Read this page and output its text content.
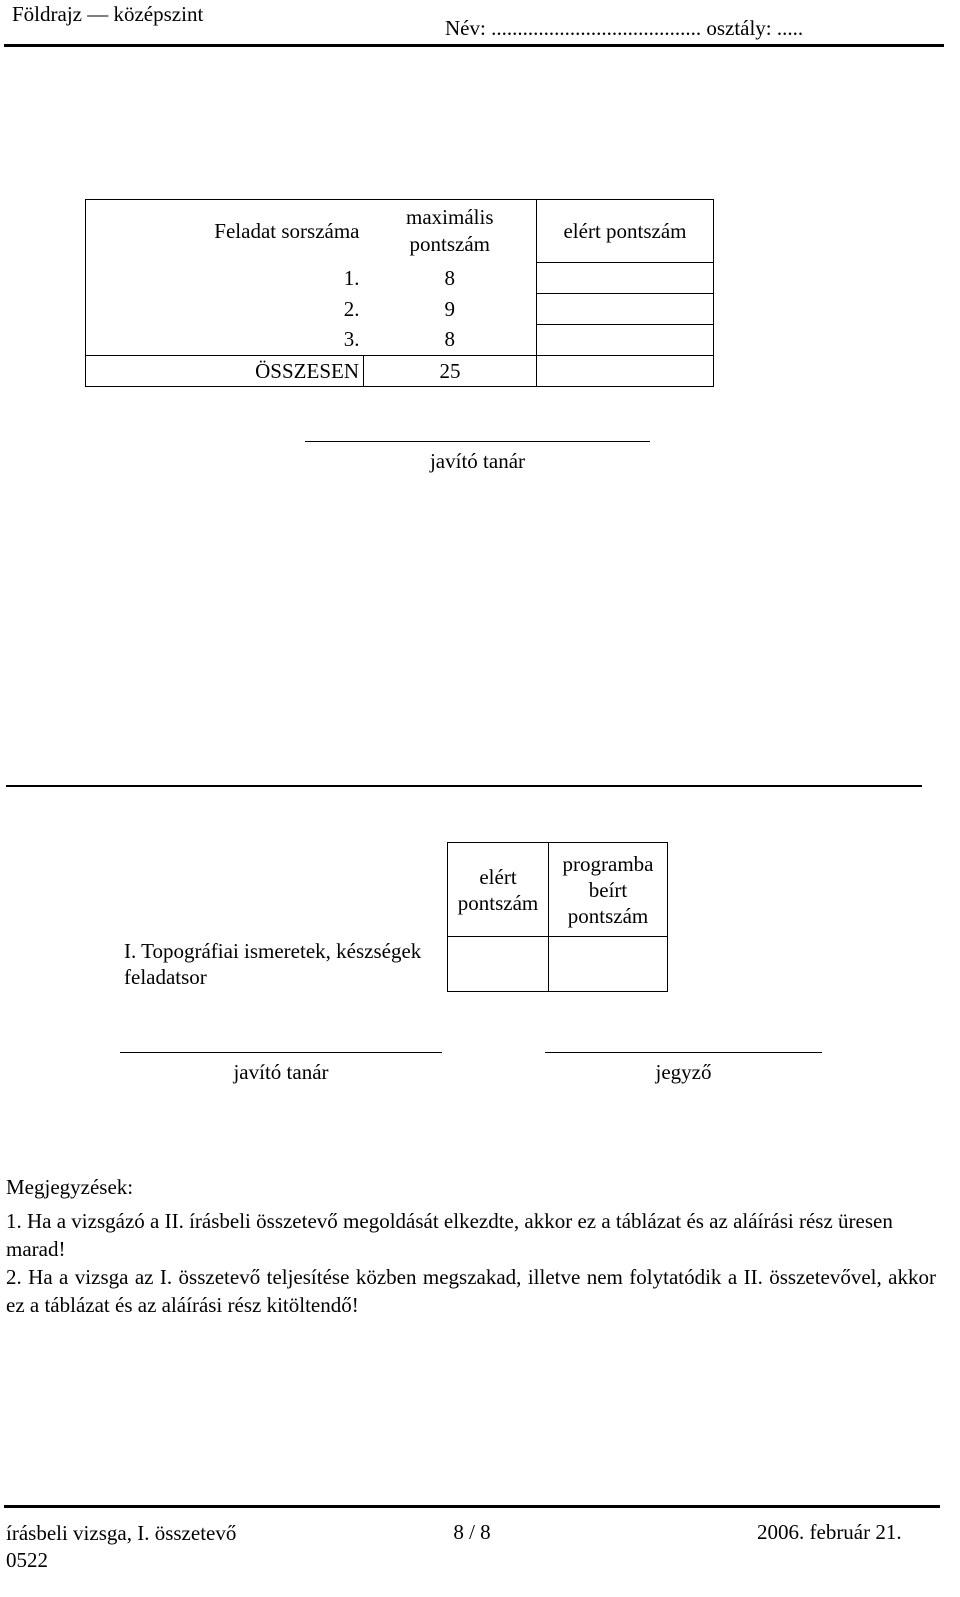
Földrajz — középszint
Név: ........................................ osztály: .....
Feladat sorszáma	maximális pontszám	elért pontszám
1.	8	
2.	9	
3.	8	
ÖSSZESEN	25	
javító tanár
I. Topográfiai ismeretek, készségek feladatsor	elért pontszám	programba beírt pontszám

javító tanár	jegyző
Megjegyzések:
1. Ha a vizsgázó a II. írásbeli összetevő megoldását elkezdte, akkor ez a táblázat és az aláírási rész üresen marad!
2. Ha a vizsga az I. összetevő teljesítése közben megszakad, illetve nem folytatódik a II. összetevővel, akkor ez a táblázat és az aláírási rész kitöltendő!
írásbeli vizsga, I. összetevő
0522
8 / 8	2006. február 21.
